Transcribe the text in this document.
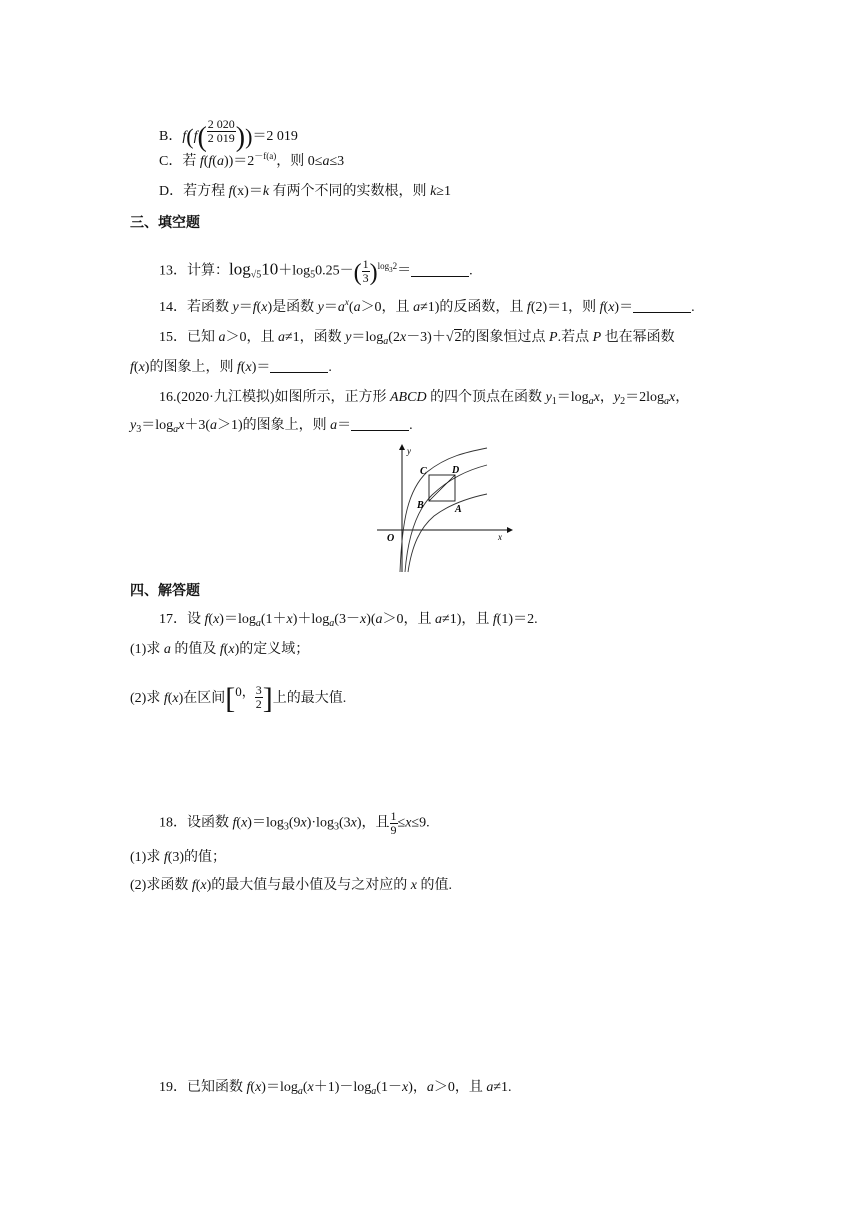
B．$f(f( \frac{2 020}{2 019} ))=2$ 019
C．若 $f(f(a))=2^{-f(a)}$，则 0≤a≤3
D．若方程 f(x)＝k 有两个不同的实数根，则 k≥1
三、填空题
13．计算：$\log_{√5}10+\log_50.25-( \frac{1}{3} )^{log_32}=$	.
14．若函数 y＝f(x)是函数 $y=a^x(a>0$，且 a≠1)的反函数，且 f(2)＝1，则 f(x)＝	.
15．已知 a＞0，且 a≠1，函数 $y=\log_a(2x-3)+√2$的图象恒过点 P.若点 P 也在幂函数
f(x)的图象上，则 f(x)＝	.
16.(2020·九江模拟)如图所示，正方形 ABCD 的四个顶点在函数 $y_1=\log_ax$，$y_2=2\log_ax$，
$y_3=\log_ax+3(a>1)$的图象上，则 a＝	.
y
x
O
C	D
B	A
四、解答题
17．设 $f(x)=\log_a(1+x)+\log_a(3-x)(a>0$，且 a≠1)，且 f(1)＝2.
(1)求 a 的值及 f(x)的定义域；
(2)求 f(x)在区间[0， $\frac{3}{2}$ ]上的最大值.
18．设函数 $f(x)=\log_3(9x)\cdot\log_3(3x)$，且 $\frac{1}{9} \le x\le 9$.
(1)求 f(3)的值；
(2)求函数 f(x)的最大值与最小值及与之对应的 x 的值.
19．已知函数 $f(x)=\log_a(x+1)-\log_a(1-x)$，a＞0，且 a≠1.
